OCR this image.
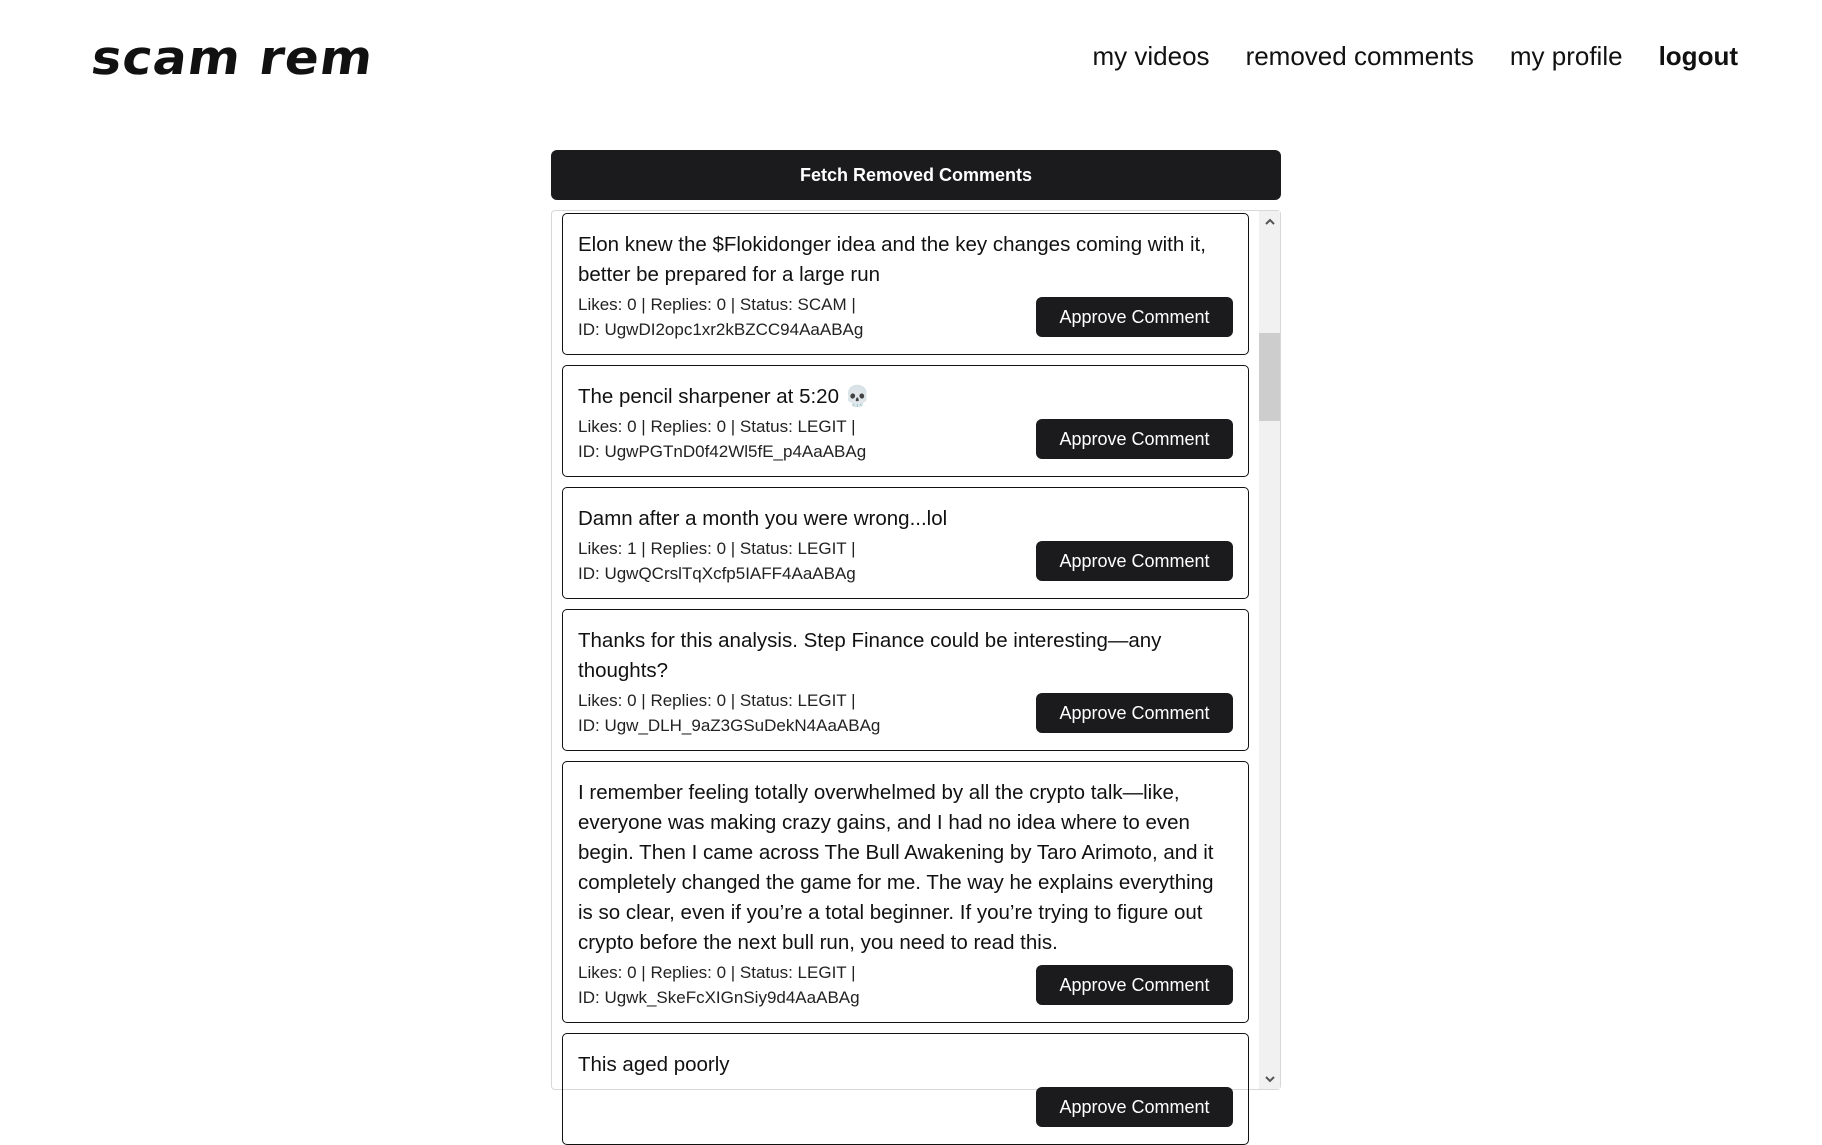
scam rem	my videos removed comments my profile logout
Fetch Removed Comments
Elon knew the $Flokidonger idea and the key changes coming with it, better be prepared for a large run
Likes: 0 | Replies: 0 | Status: SCAM |
ID: UgwDI2opc1xr2kBZCC94AaABAg
Approve Comment
The pencil sharpener at 5:20 💀
Likes: 0 | Replies: 0 | Status: LEGIT |
ID: UgwPGTnD0f42Wl5fE_p4AaABAg
Approve Comment
Damn after a month you were wrong...lol
Likes: 1 | Replies: 0 | Status: LEGIT |
ID: UgwQCrslTqXcfp5IAFF4AaABAg
Approve Comment
Thanks for this analysis. Step Finance could be interesting—any thoughts?
Likes: 0 | Replies: 0 | Status: LEGIT |
ID: Ugw_DLH_9aZ3GSuDekN4AaABAg
Approve Comment
I remember feeling totally overwhelmed by all the crypto talk—like, everyone was making crazy gains, and I had no idea where to even begin. Then I came across The Bull Awakening by Taro Arimoto, and it completely changed the game for me. The way he explains everything is so clear, even if you’re a total beginner. If you’re trying to figure out crypto before the next bull run, you need to read this.
Likes: 0 | Replies: 0 | Status: LEGIT |
ID: Ugwk_SkeFcXIGnSiy9d4AaABAg
Approve Comment
This aged poorly

Approve Comment
